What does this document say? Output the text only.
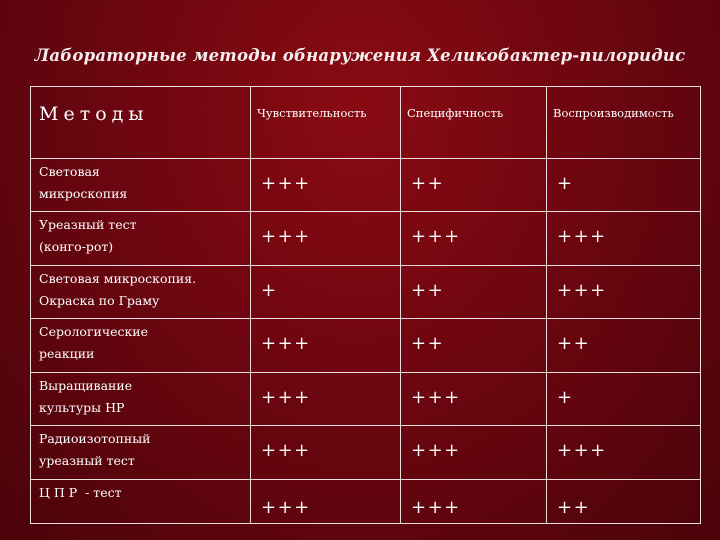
Лабораторные методы обнаружения Хеликобактер-пилоридис
Методы	Чувствительность	Специфичность	Воспроизводимость

Световая
микроскопия	+++	++	+

Уреазный тест
(конго-рот)	+++	+++	+++

Световая микроскопия.
Окраска по Граму	+	++	+++

Серологические
реакции	+++	++	++

Выращивание
культуры HP	+++	+++	+

Радиоизотопный
уреазный тест	+++	+++	+++

Ц П Р  - тест	+++	+++	++
